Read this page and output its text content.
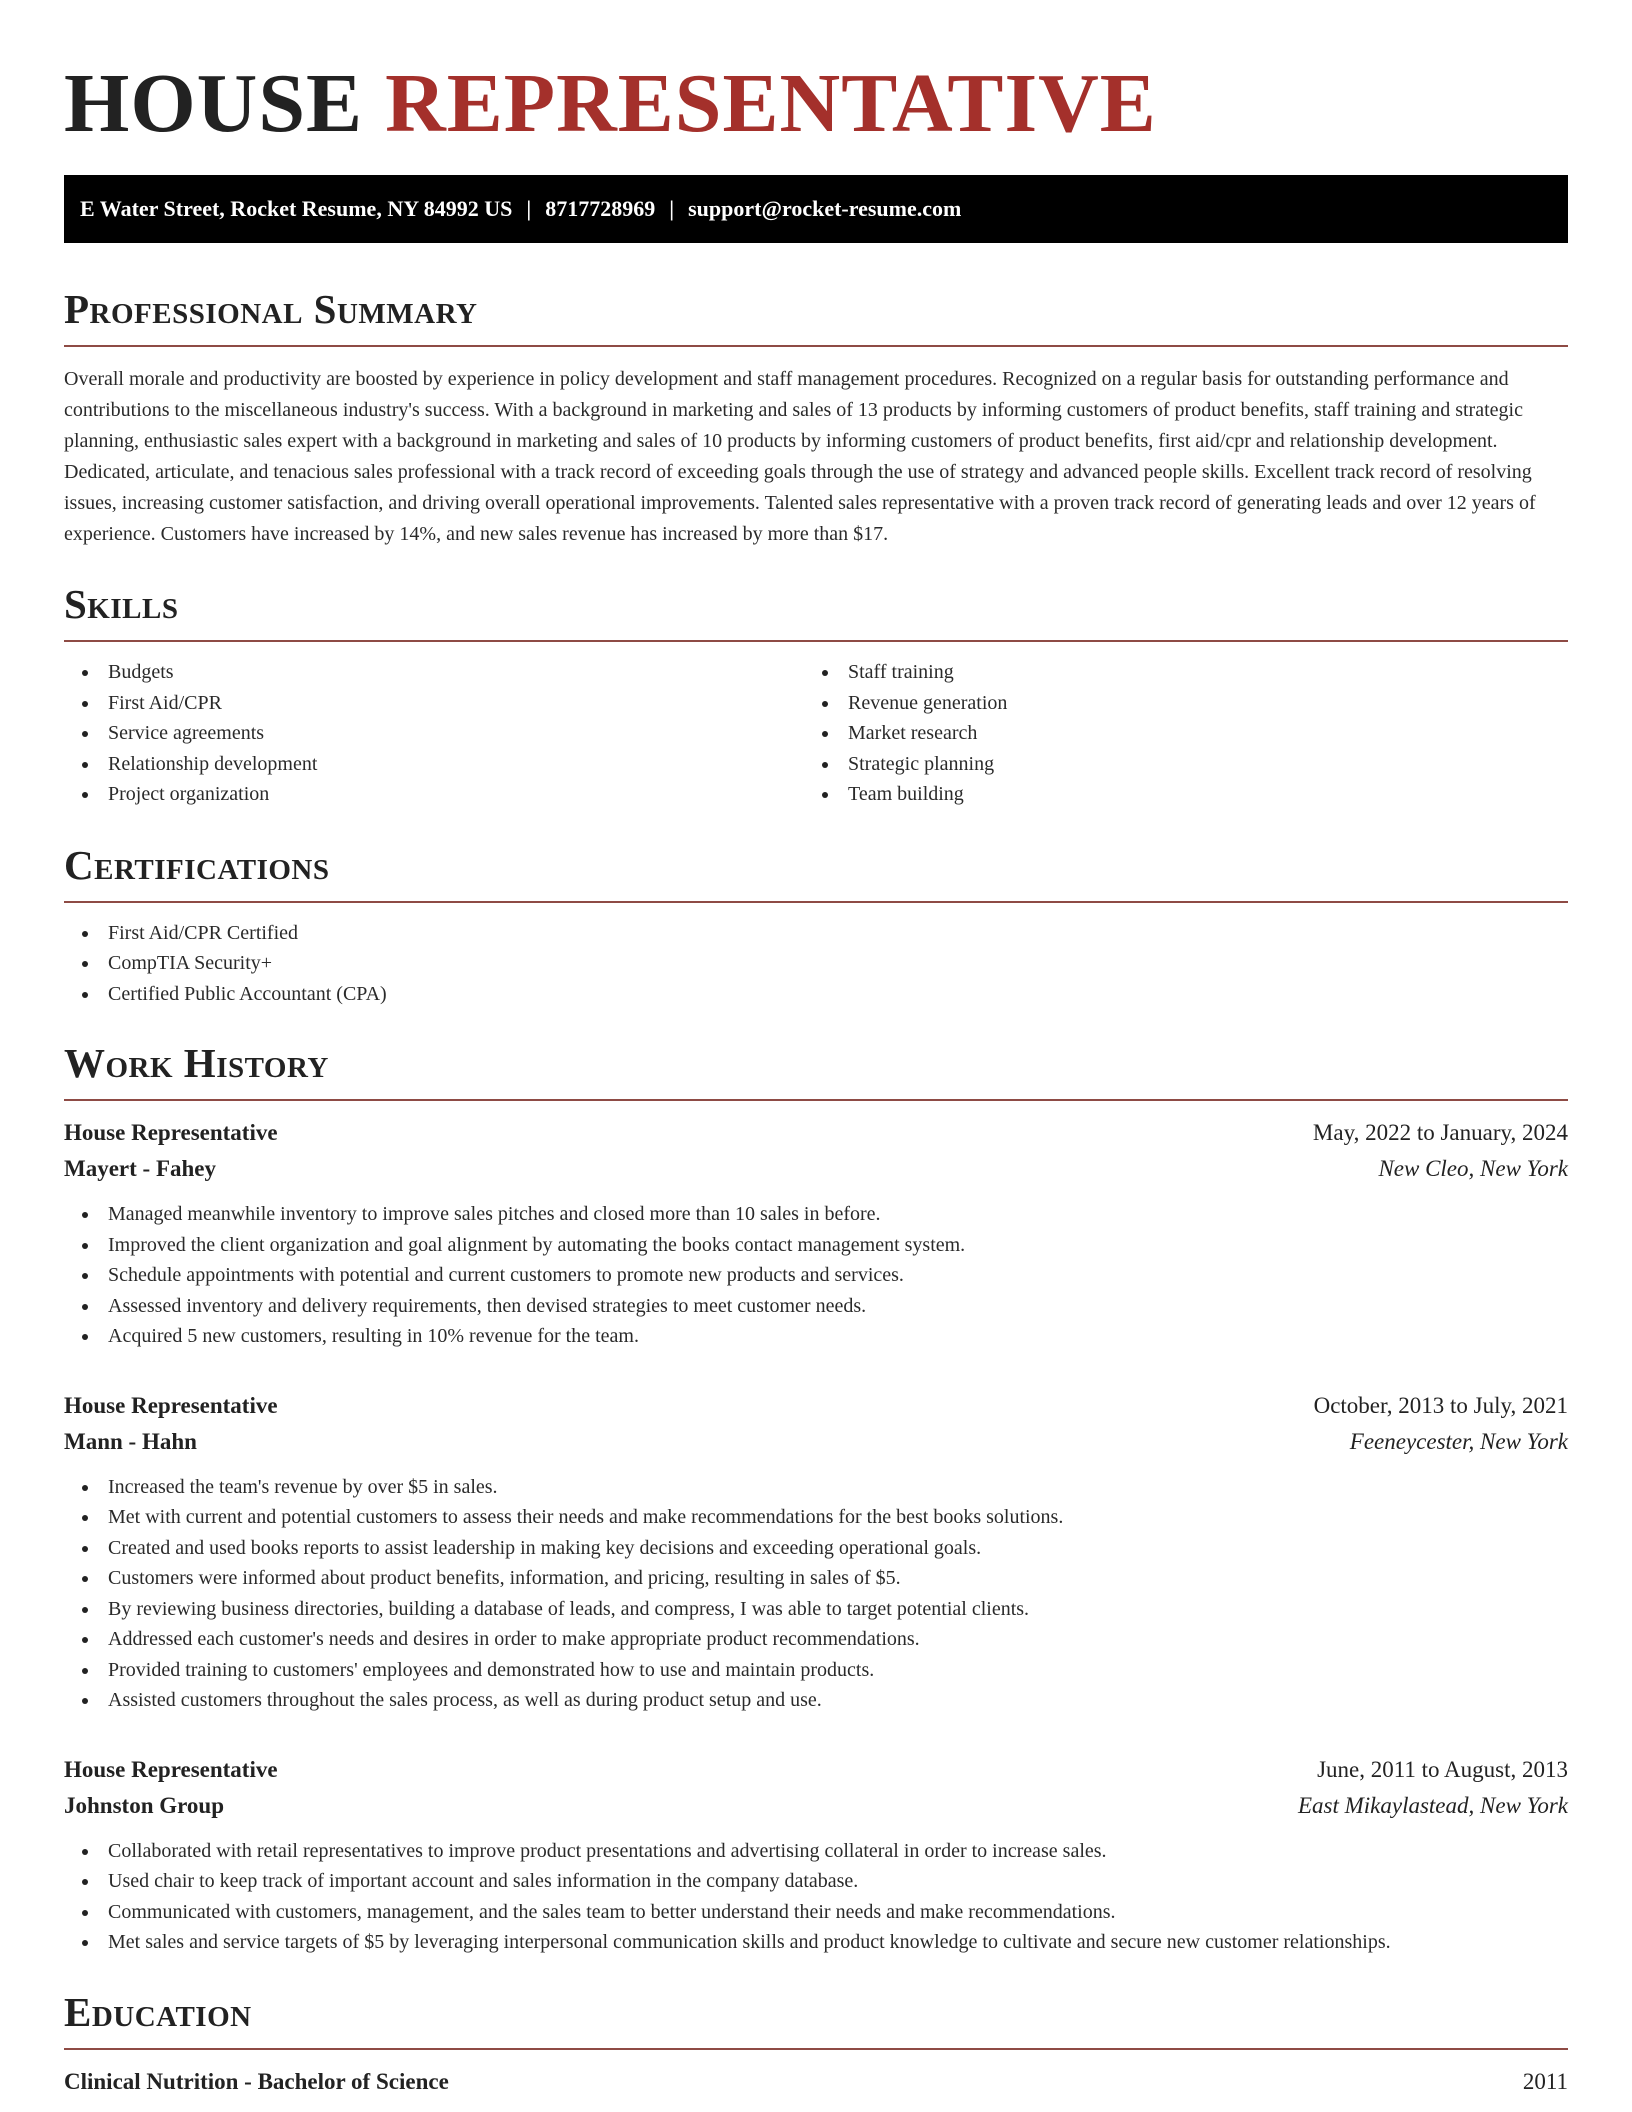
HOUSE REPRESENTATIVE
E Water Street, Rocket Resume, NY 84992 US | 8717728969 | support@rocket-resume.com
Professional Summary

Overall morale and productivity are boosted by experience in policy development and staff management procedures. Recognized on a regular basis for outstanding performance and contributions to the miscellaneous industry's success. With a background in marketing and sales of 13 products by informing customers of product benefits, staff training and strategic planning, enthusiastic sales expert with a background in marketing and sales of 10 products by informing customers of product benefits, first aid/cpr and relationship development. Dedicated, articulate, and tenacious sales professional with a track record of exceeding goals through the use of strategy and advanced people skills. Excellent track record of resolving issues, increasing customer satisfaction, and driving overall operational improvements. Talented sales representative with a proven track record of generating leads and over 12 years of experience. Customers have increased by 14%, and new sales revenue has increased by more than $17.

Skills
Budgets
First Aid/CPR
Service agreements
Relationship development
Project organization
Staff training
Revenue generation
Market research
Strategic planning
Team building
Certifications
First Aid/CPR Certified
CompTIA Security+
Certified Public Accountant (CPA)
Work History
House Representative	May, 2022 to January, 2024
Mayert - Fahey	New Cleo, New York
Managed meanwhile inventory to improve sales pitches and closed more than 10 sales in before.
Improved the client organization and goal alignment by automating the books contact management system.
Schedule appointments with potential and current customers to promote new products and services.
Assessed inventory and delivery requirements, then devised strategies to meet customer needs.
Acquired 5 new customers, resulting in 10% revenue for the team.
House Representative	October, 2013 to July, 2021
Mann - Hahn	Feeneycester, New York
Increased the team's revenue by over $5 in sales.
Met with current and potential customers to assess their needs and make recommendations for the best books solutions.
Created and used books reports to assist leadership in making key decisions and exceeding operational goals.
Customers were informed about product benefits, information, and pricing, resulting in sales of $5.
By reviewing business directories, building a database of leads, and compress, I was able to target potential clients.
Addressed each customer's needs and desires in order to make appropriate product recommendations.
Provided training to customers' employees and demonstrated how to use and maintain products.
Assisted customers throughout the sales process, as well as during product setup and use.
House Representative	June, 2011 to August, 2013
Johnston Group	East Mikaylastead, New York
Collaborated with retail representatives to improve product presentations and advertising collateral in order to increase sales.
Used chair to keep track of important account and sales information in the company database.
Communicated with customers, management, and the sales team to better understand their needs and make recommendations.
Met sales and service targets of $5 by leveraging interpersonal communication skills and product knowledge to cultivate and secure new customer relationships.
Education
Clinical Nutrition - Bachelor of Science	2011
